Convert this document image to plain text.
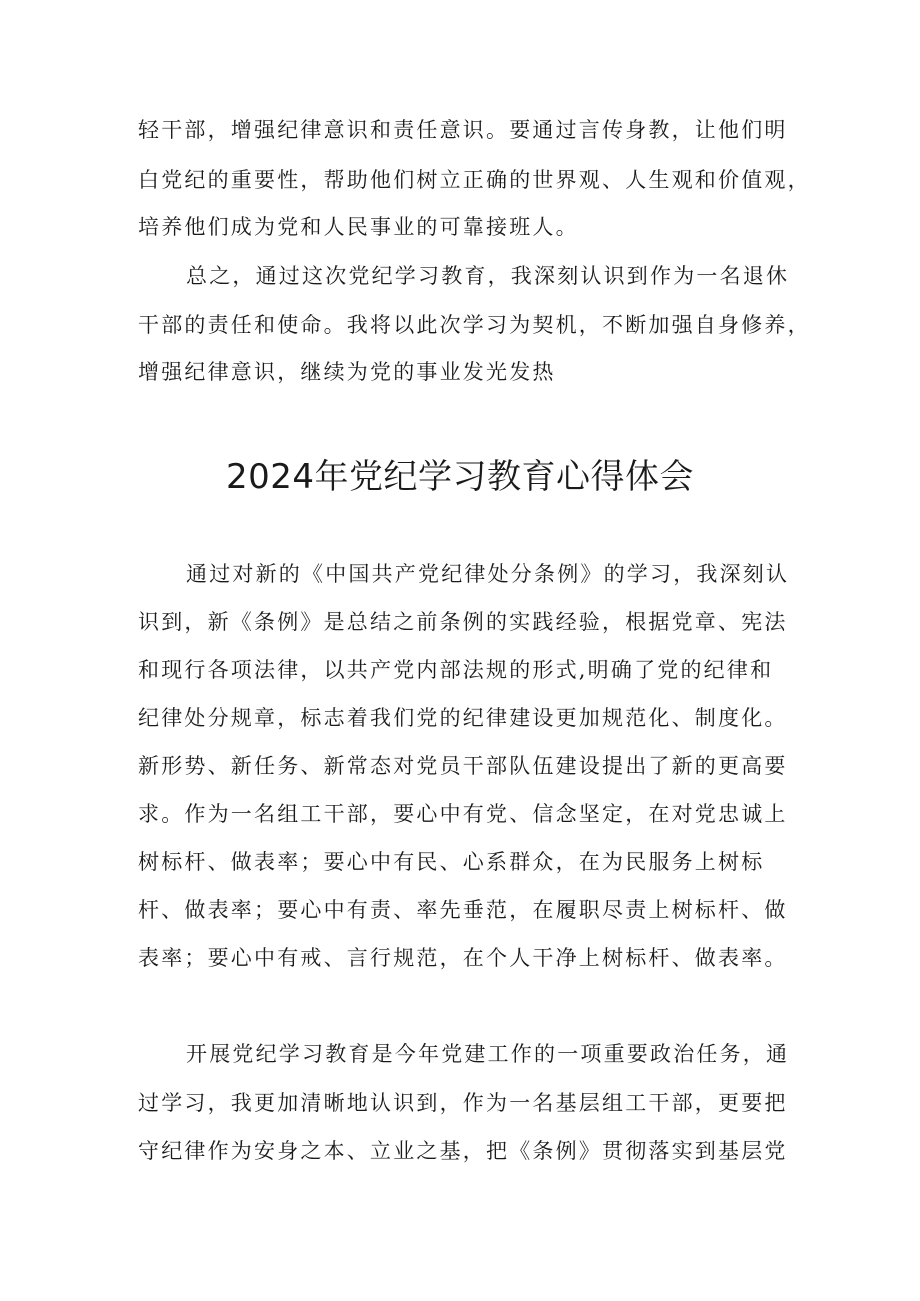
轻干部，增强纪律意识和责任意识。要通过言传身教，让他们明
白党纪的重要性，帮助他们树立正确的世界观、人生观和价值观，
培养他们成为党和人民事业的可靠接班人。
总之，通过这次党纪学习教育，我深刻认识到作为一名退休
干部的责任和使命。我将以此次学习为契机，不断加强自身修养，
增强纪律意识，继续为党的事业发光发热
2024年党纪学习教育心得体会
通过对新的《中国共产党纪律处分条例》的学习，我深刻认
识到，新《条例》是总结之前条例的实践经验，根据党章、宪法
和现行各项法律，以共产党内部法规的形式,明确了党的纪律和
纪律处分规章，标志着我们党的纪律建设更加规范化、制度化。
新形势、新任务、新常态对党员干部队伍建设提出了新的更高要
求。作为一名组工干部，要心中有党、信念坚定，在对党忠诚上
树标杆、做表率；要心中有民、心系群众，在为民服务上树标
杆、做表率；要心中有责、率先垂范，在履职尽责上树标杆、做
表率；要心中有戒、言行规范，在个人干净上树标杆、做表率。
开展党纪学习教育是今年党建工作的一项重要政治任务，通
过学习，我更加清晰地认识到，作为一名基层组工干部，更要把
守纪律作为安身之本、立业之基，把《条例》贯彻落实到基层党
